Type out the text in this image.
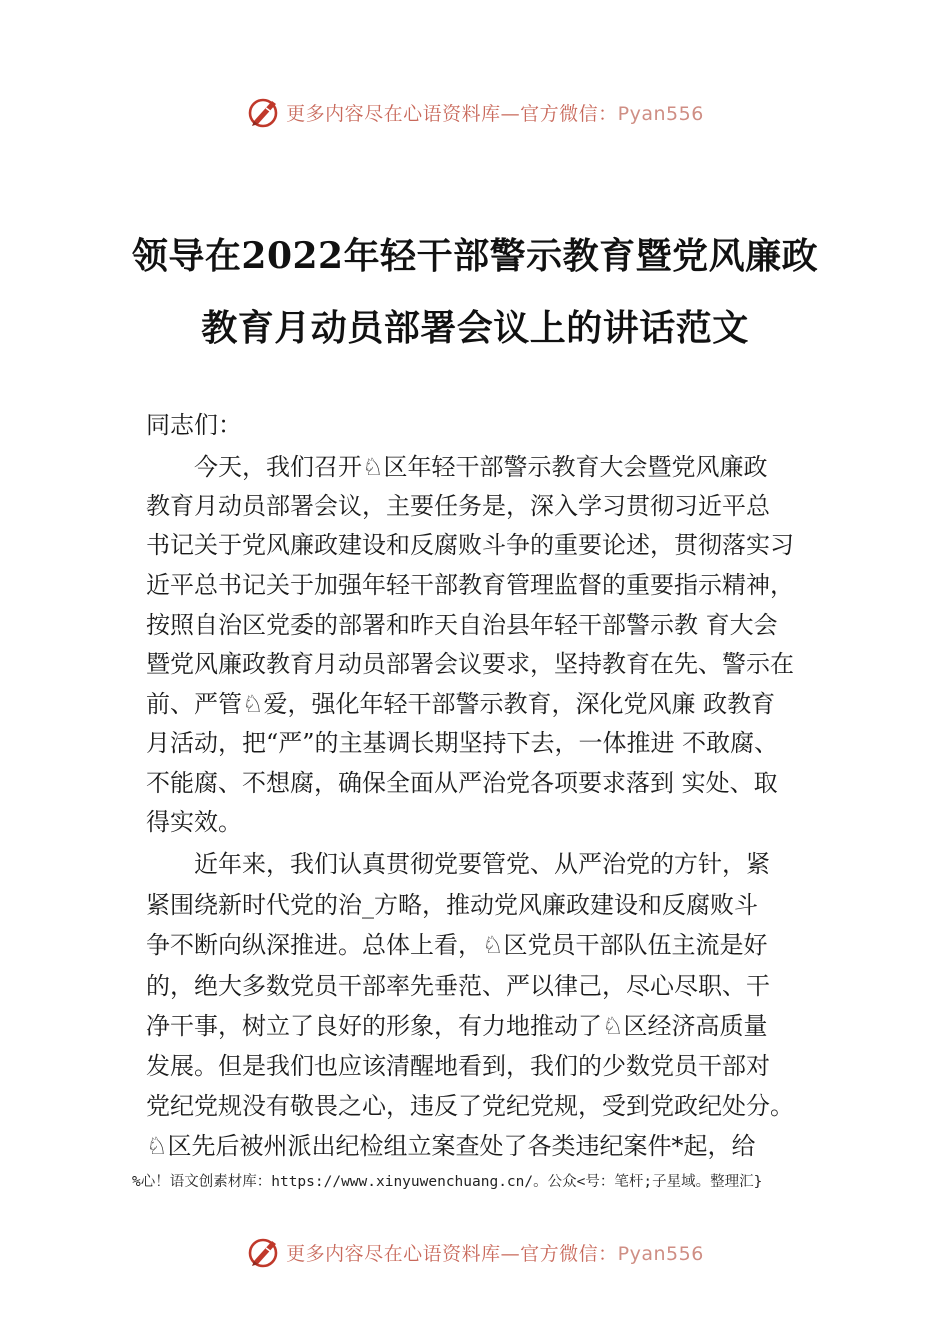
更多内容尽在心语资料库—官方微信：Pyan556
领导在2022年轻干部警示教育暨党风廉政
教育月动员部署会议上的讲话范文
同志们：
今天，我们召开♘区年轻干部警示教育大会暨党风廉政
教育月动员部署会议，主要任务是，深入学习贯彻习近平总
书记关于党风廉政建设和反腐败斗争的重要论述，贯彻落实习
近平总书记关于加强年轻干部教育管理监督的重要指示精神，
按照自治区党委的部署和昨天自治县年轻干部警示教 育大会
暨党风廉政教育月动员部署会议要求，坚持教育在先、警示在
前、严管♘爱，强化年轻干部警示教育，深化党风廉 政教育
月活动，把“严”的主基调长期坚持下去，一体推进 不敢腐、
不能腐、不想腐，确保全面从严治党各项要求落到 实处、取
得实效。
近年来，我们认真贯彻党要管党、从严治党的方针，紧
紧围绕新时代党的治_方略，推动党风廉政建设和反腐败斗
争不断向纵深推进。总体上看，♘区党员干部队伍主流是好
的，绝大多数党员干部率先垂范、严以律己，尽心尽职、干
净干事，树立了良好的形象，有力地推动了♘区经济高质量
发展。但是我们也应该清醒地看到，我们的少数党员干部对
党纪党规没有敬畏之心，违反了党纪党规，受到党政纪处分。
♘区先后被州派出纪检组立案查处了各类违纪案件*起，给
%心！语文创素材库：https://www.xinyuwenchuang.cn/。公众<号：笔杆;子星域。整理汇}
更多内容尽在心语资料库—官方微信：Pyan556
